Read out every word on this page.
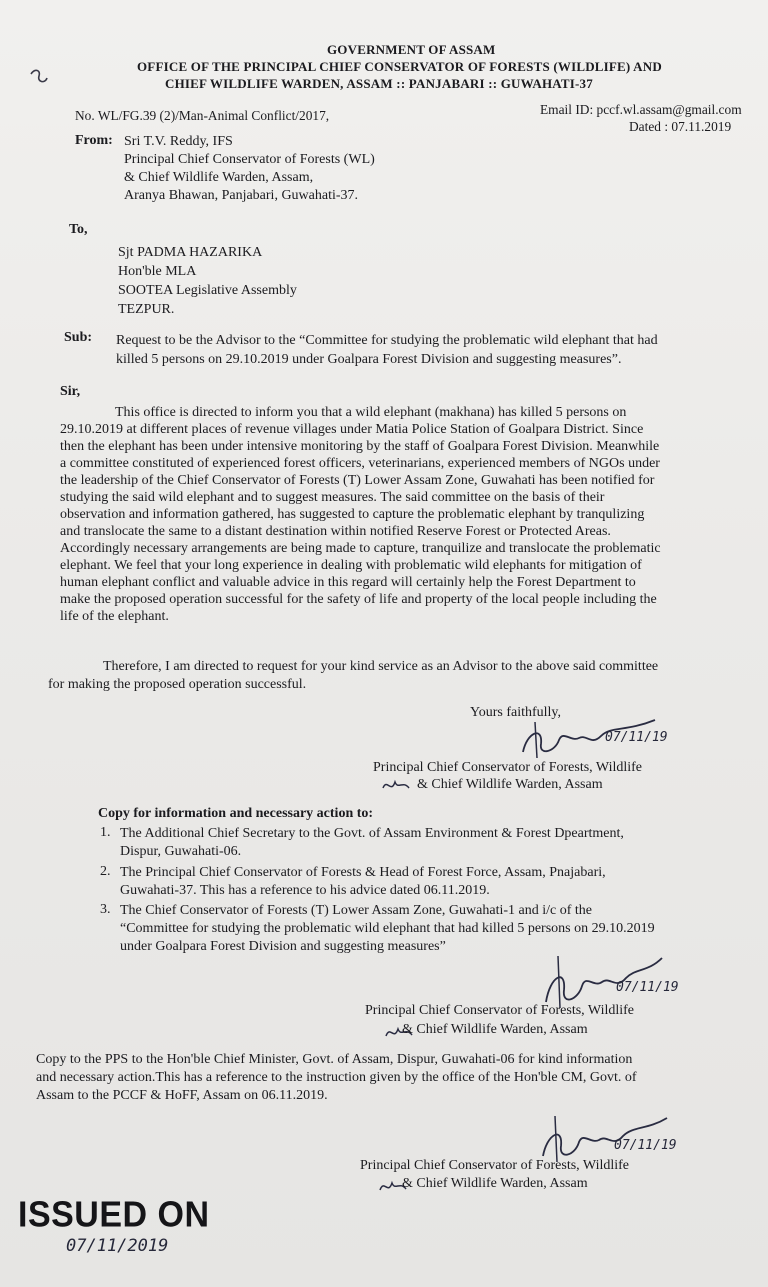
GOVERNMENT OF ASSAM
OFFICE OF THE PRINCIPAL CHIEF CONSERVATOR OF FORESTS (WILDLIFE) AND
CHIEF WILDLIFE WARDEN, ASSAM :: PANJABARI :: GUWAHATI-37
No. WL/FG.39 (2)/Man-Animal Conflict/2017,	Email ID: pccf.wl.assam@gmail.com
Dated : 07.11.2019
From: Sri T.V. Reddy, IFS
Principal Chief Conservator of Forests (WL)
& Chief Wildlife Warden, Assam,
Aranya Bhawan, Panjabari, Guwahati-37.
To,
Sjt PADMA HAZARIKA
Hon'ble MLA
SOOTEA Legislative Assembly
TEZPUR.
Sub: Request to be the Advisor to the “Committee for studying the problematic wild elephant that had
killed 5 persons on 29.10.2019 under Goalpara Forest Division and suggesting measures”.
Sir,
This office is directed to inform you that a wild elephant (makhana) has killed 5 persons on
29.10.2019 at different places of revenue villages under Matia Police Station of Goalpara District. Since
then the elephant has been under intensive monitoring by the staff of Goalpara Forest Division. Meanwhile
a committee constituted of experienced forest officers, veterinarians, experienced members of NGOs under
the leadership of the Chief Conservator of Forests (T) Lower Assam Zone, Guwahati has been notified for
studying the said wild elephant and to suggest measures. The said committee on the basis of their
observation and information gathered, has suggested to capture the problematic elephant by tranqulizing
and translocate the same to a distant destination within notified Reserve Forest or Protected Areas.
Accordingly necessary arrangements are being made to capture, tranquilize and translocate the problematic
elephant. We feel that your long experience in dealing with problematic wild elephants for mitigation of
human elephant conflict and valuable advice in this regard will certainly help the Forest Department to
make the proposed operation successful for the safety of life and property of the local people including the
life of the elephant.
Therefore, I am directed to request for your kind service as an Advisor to the above said committee
for making the proposed operation successful.
Yours faithfully,
07/11/19
Principal Chief Conservator of Forests, Wildlife
& Chief Wildlife Warden, Assam
Copy for information and necessary action to:
1. The Additional Chief Secretary to the Govt. of Assam Environment & Forest Dpeartment,
Dispur, Guwahati-06.
2. The Principal Chief Conservator of Forests & Head of Forest Force, Assam, Pnajabari,
Guwahati-37. This has a reference to his advice dated 06.11.2019.
3. The Chief Conservator of Forests (T) Lower Assam Zone, Guwahati-1 and i/c of the
“Committee for studying the problematic wild elephant that had killed 5 persons on 29.10.2019
under Goalpara Forest Division and suggesting measures”
07/11/19
Principal Chief Conservator of Forests, Wildlife
& Chief Wildlife Warden, Assam
Copy to the PPS to the Hon'ble Chief Minister, Govt. of Assam, Dispur, Guwahati-06 for kind information
and necessary action.This has a reference to the instruction given by the office of the Hon'ble CM, Govt. of
Assam to the PCCF & HoFF, Assam on 06.11.2019.
07/11/19
Principal Chief Conservator of Forests, Wildlife
& Chief Wildlife Warden, Assam
ISSUED ON
07/11/2019
